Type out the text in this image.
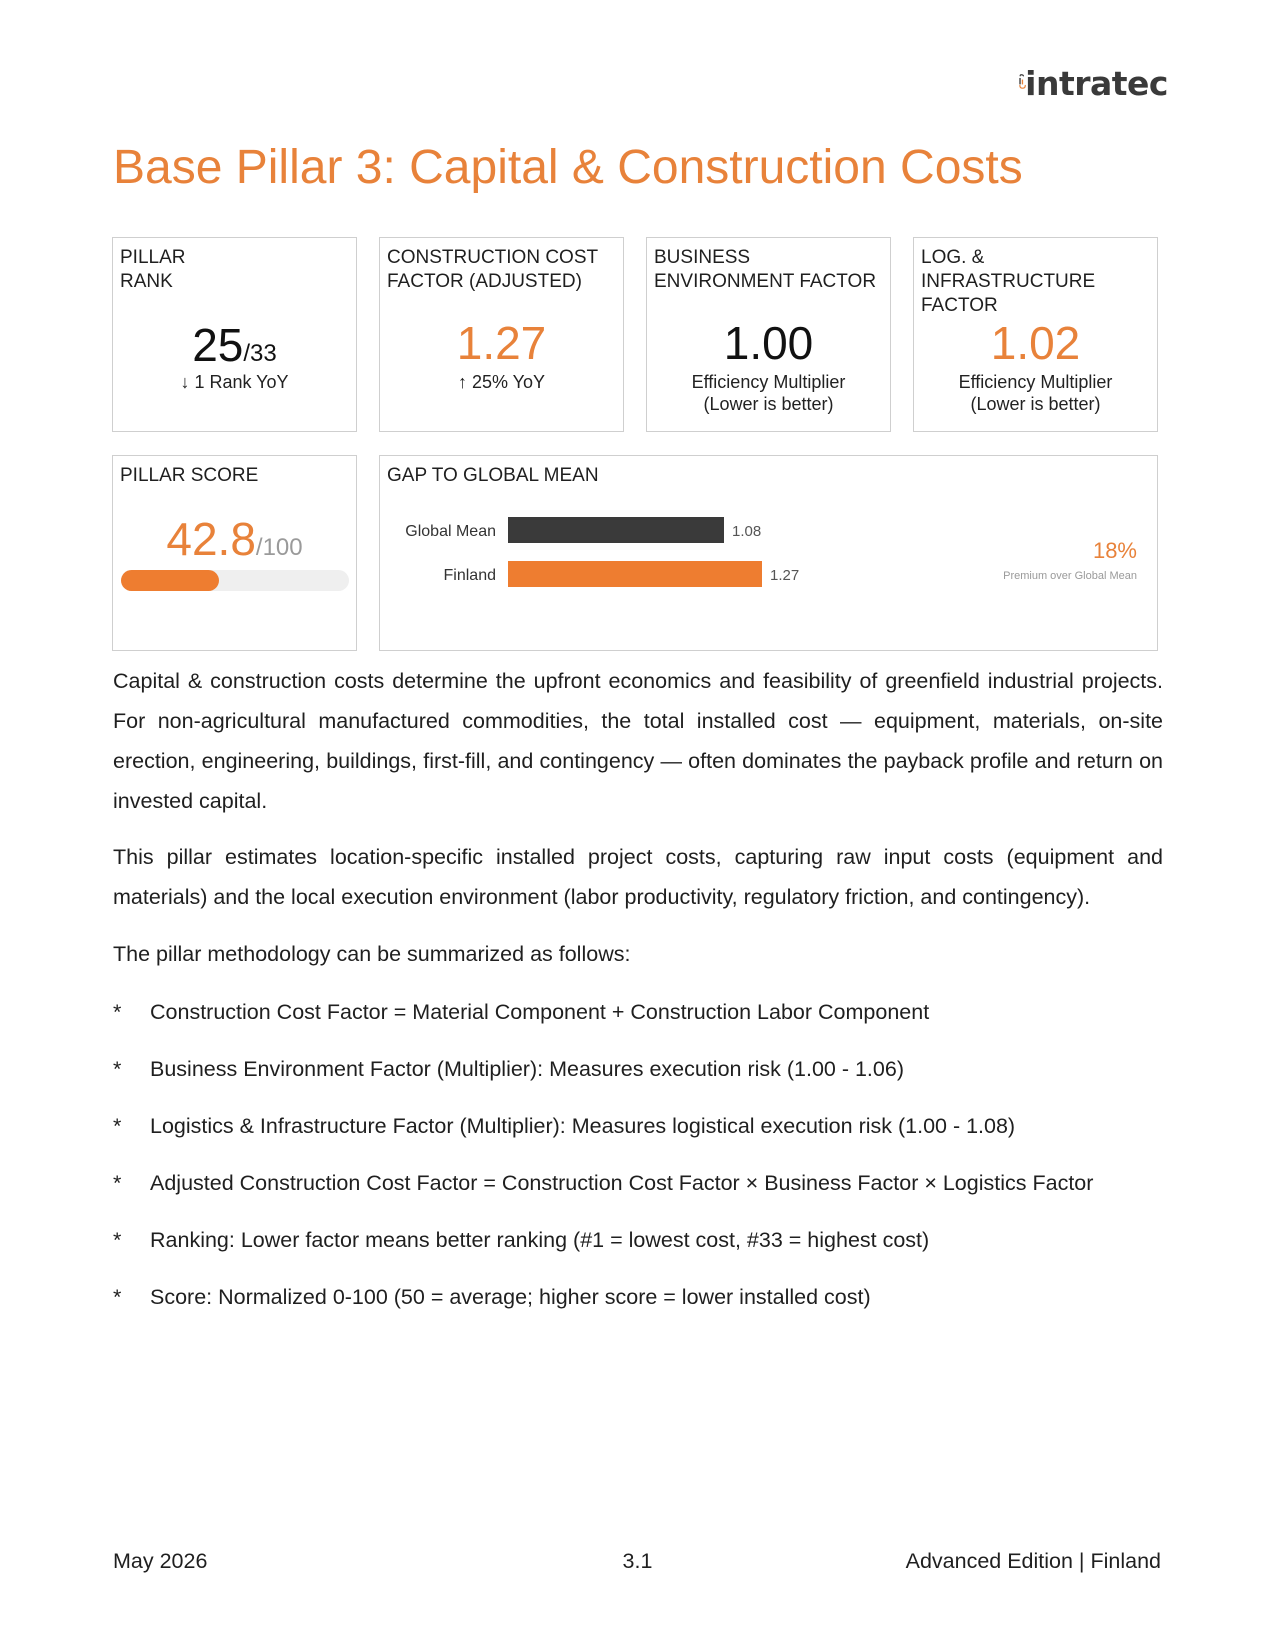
intratec
Base Pillar 3: Capital & Construction Costs
PILLAR
RANK
25/33
↓ 1 Rank YoY
CONSTRUCTION COST
FACTOR (ADJUSTED)
1.27
↑ 25% YoY
BUSINESS
ENVIRONMENT FACTOR
1.00
Efficiency Multiplier
(Lower is better)
LOG. & INFRASTRUCTURE
FACTOR
1.02
Efficiency Multiplier
(Lower is better)
PILLAR SCORE
42.8/100
GAP TO GLOBAL MEAN
Global Mean	1.08
Finland	1.27
18%
Premium over Global Mean

Capital & construction costs determine the upfront economics and feasibility of greenfield industrial projects. For non-agricultural manufactured commodities, the total installed cost — equipment, materials, on-site erection, engineering, buildings, first-fill, and contingency — often dominates the payback profile and return on invested capital.

This pillar estimates location-specific installed project costs, capturing raw input costs (equipment and materials) and the local execution environment (labor productivity, regulatory friction, and contingency).

The pillar methodology can be summarized as follows:

* Construction Cost Factor = Material Component + Construction Labor Component
* Business Environment Factor (Multiplier): Measures execution risk (1.00 - 1.06)
* Logistics & Infrastructure Factor (Multiplier): Measures logistical execution risk (1.00 - 1.08)
* Adjusted Construction Cost Factor = Construction Cost Factor × Business Factor × Logistics Factor
* Ranking: Lower factor means better ranking (#1 = lowest cost, #33 = highest cost)
* Score: Normalized 0-100 (50 = average; higher score = lower installed cost)
May 2026	3.1	Advanced Edition | Finland
